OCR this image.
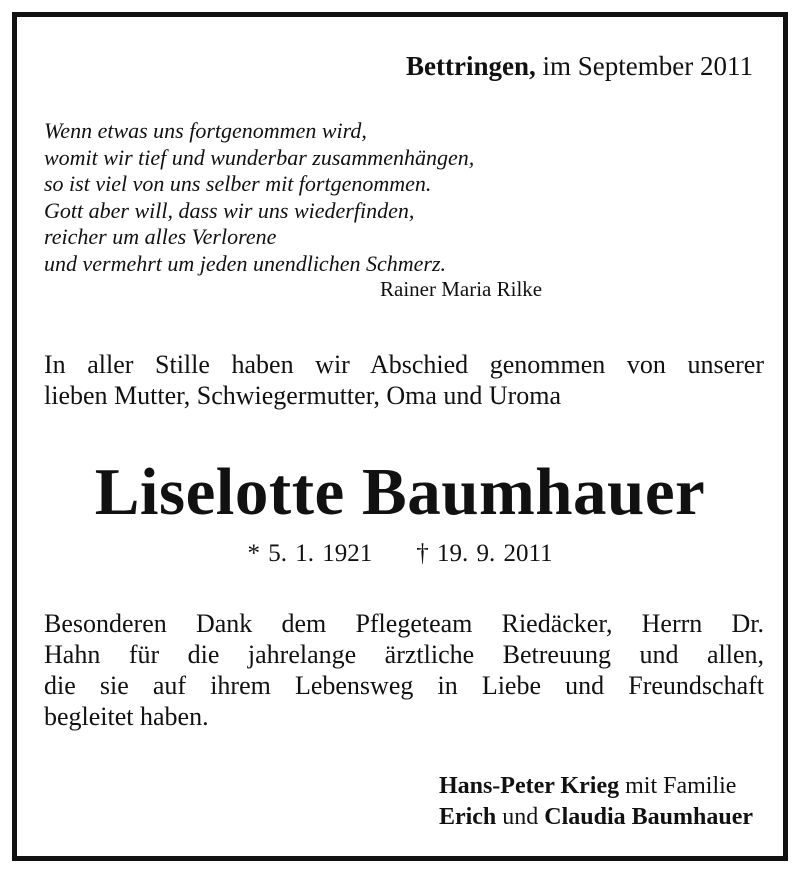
Bettringen, im September 2011
Wenn etwas uns fortgenommen wird,
womit wir tief und wunderbar zusammenhängen,
so ist viel von uns selber mit fortgenommen.
Gott aber will, dass wir uns wiederfinden,
reicher um alles Verlorene
und vermehrt um jeden unendlichen Schmerz.
Rainer Maria Rilke
In aller Stille haben wir Abschied genommen von unserer
lieben Mutter, Schwiegermutter, Oma und Uroma
Liselotte Baumhauer
* 5. 1. 1921 † 19. 9. 2011
Besonderen Dank dem Pflegeteam Riedäcker, Herrn Dr.
Hahn für die jahrelange ärztliche Betreuung und allen,
die sie auf ihrem Lebensweg in Liebe und Freundschaft
begleitet haben.
Hans-Peter Krieg mit Familie
Erich und Claudia Baumhauer
